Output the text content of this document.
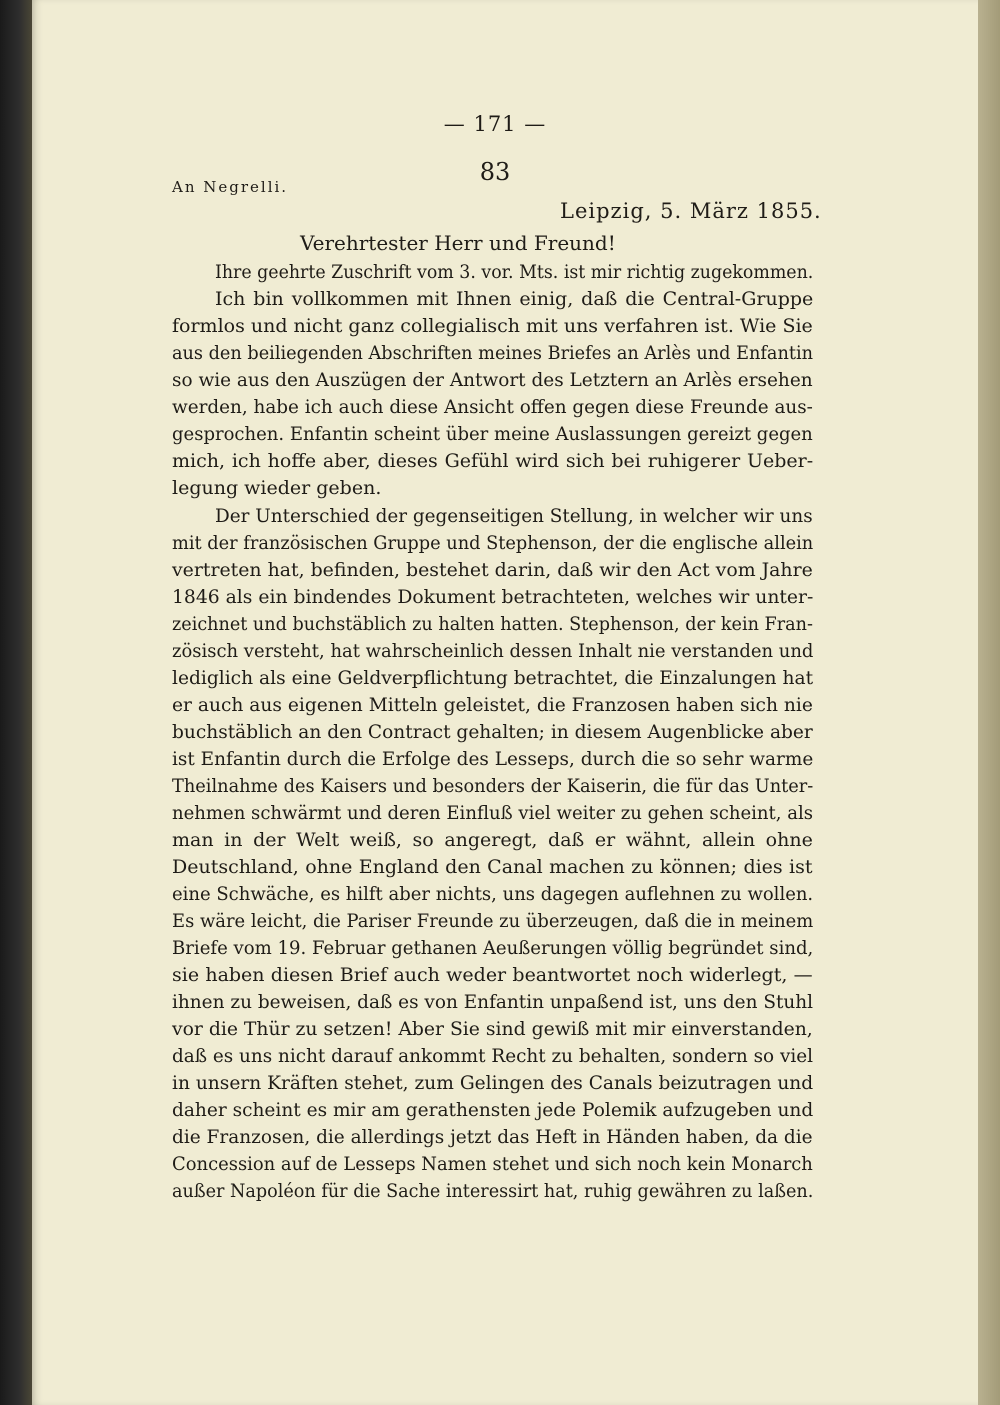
— 171 —
83
An Negrelli.
Leipzig, 5. März 1855.
Verehrtester Herr und Freund!
Ihre geehrte Zuschrift vom 3. vor. Mts. ist mir richtig zugekommen.
Ich bin vollkommen mit Ihnen einig, daß die Central-Gruppe
formlos und nicht ganz collegialisch mit uns verfahren ist. Wie Sie
aus den beiliegenden Abschriften meines Briefes an Arlès und Enfantin
so wie aus den Auszügen der Antwort des Letztern an Arlès ersehen
werden, habe ich auch diese Ansicht offen gegen diese Freunde aus-
gesprochen. Enfantin scheint über meine Auslassungen gereizt gegen
mich, ich hoffe aber, dieses Gefühl wird sich bei ruhigerer Ueber-
legung wieder geben.
Der Unterschied der gegenseitigen Stellung, in welcher wir uns
mit der französischen Gruppe und Stephenson, der die englische allein
vertreten hat, befinden, bestehet darin, daß wir den Act vom Jahre
1846 als ein bindendes Dokument betrachteten, welches wir unter-
zeichnet und buchstäblich zu halten hatten. Stephenson, der kein Fran-
zösisch versteht, hat wahrscheinlich dessen Inhalt nie verstanden und
lediglich als eine Geldverpflichtung betrachtet, die Einzalungen hat
er auch aus eigenen Mitteln geleistet, die Franzosen haben sich nie
buchstäblich an den Contract gehalten; in diesem Augenblicke aber
ist Enfantin durch die Erfolge des Lesseps, durch die so sehr warme
Theilnahme des Kaisers und besonders der Kaiserin, die für das Unter-
nehmen schwärmt und deren Einfluß viel weiter zu gehen scheint, als
man in der Welt weiß, so angeregt, daß er wähnt, allein ohne
Deutschland, ohne England den Canal machen zu können; dies ist
eine Schwäche, es hilft aber nichts, uns dagegen auflehnen zu wollen.
Es wäre leicht, die Pariser Freunde zu überzeugen, daß die in meinem
Briefe vom 19. Februar gethanen Aeußerungen völlig begründet sind,
sie haben diesen Brief auch weder beantwortet noch widerlegt, —
ihnen zu beweisen, daß es von Enfantin unpaßend ist, uns den Stuhl
vor die Thür zu setzen! Aber Sie sind gewiß mit mir einverstanden,
daß es uns nicht darauf ankommt Recht zu behalten, sondern so viel
in unsern Kräften stehet, zum Gelingen des Canals beizutragen und
daher scheint es mir am gerathensten jede Polemik aufzugeben und
die Franzosen, die allerdings jetzt das Heft in Händen haben, da die
Concession auf de Lesseps Namen stehet und sich noch kein Monarch
außer Napoléon für die Sache interessirt hat, ruhig gewähren zu laßen.
